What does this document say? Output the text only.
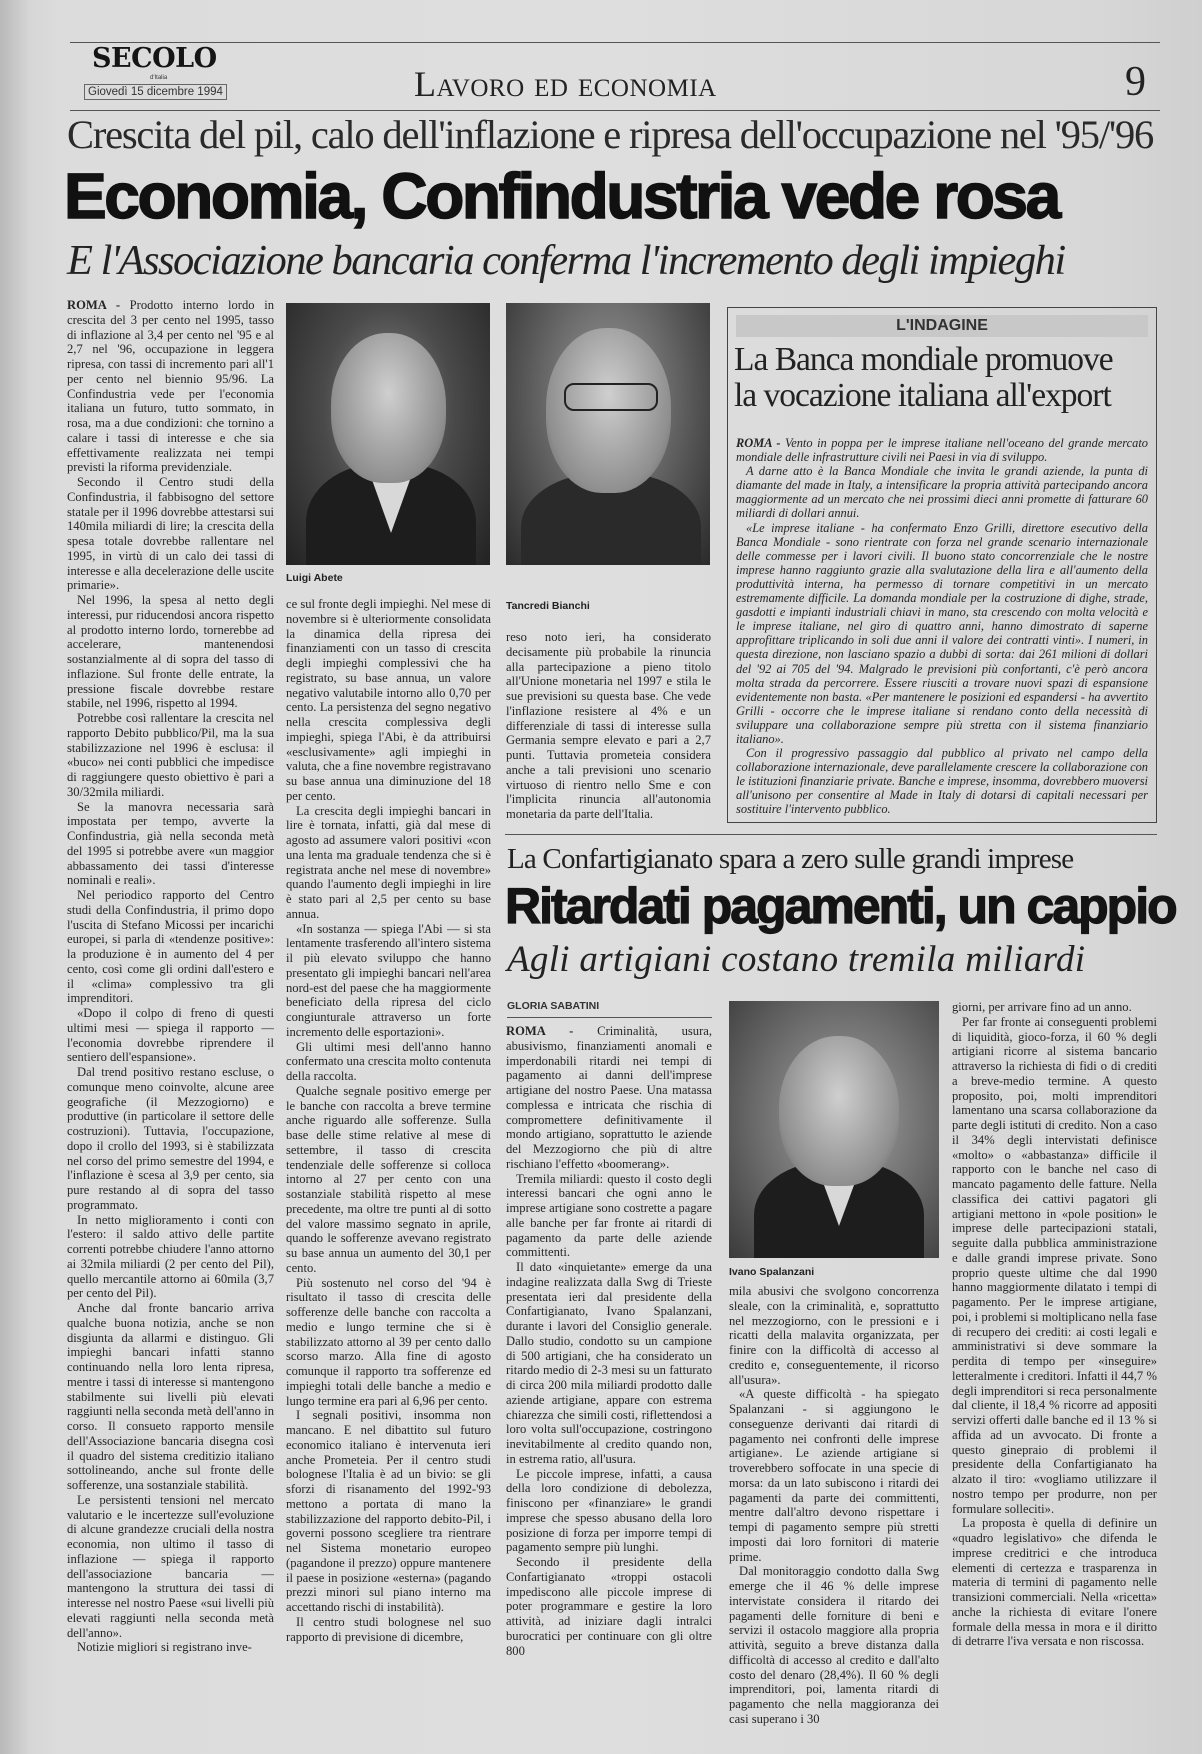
SECOLO
d'Italia
Giovedì 15 dicembre 1994	Lavoro ed economia	9
Crescita del pil, calo dell'inflazione e ripresa dell'occupazione nel '95/'96
Economia, Confindustria vede rosa
E l'Associazione bancaria conferma l'incremento degli impieghi

ROMA - Prodotto interno lordo in crescita del 3 per cento nel 1995, tasso di inflazione al 3,4 per cento nel '95 e al 2,7 nel '96, occupazione in leggera ripresa, con tassi di incremento pari all'1 per cento nel biennio 95/96. La Confindustria vede per l'economia italiana un futuro, tutto sommato, in rosa, ma a due condizioni: che tornino a calare i tassi di interesse e che sia effettivamente realizzata nei tempi previsti la riforma previdenziale.

Secondo il Centro studi della Confindustria, il fabbisogno del settore statale per il 1996 dovrebbe attestarsi sui 140mila miliardi di lire; la crescita della spesa totale dovrebbe rallentare nel 1995, in virtù di un calo dei tassi di interesse e alla decelerazione delle uscite primarie».

Nel 1996, la spesa al netto degli interessi, pur riducendosi ancora rispetto al prodotto interno lordo, tornerebbe ad accelerare, mantenendosi sostanzialmente al di sopra del tasso di inflazione. Sul fronte delle entrate, la pressione fiscale dovrebbe restare stabile, nel 1996, rispetto al 1994.

Potrebbe così rallentare la crescita nel rapporto Debito pubblico/Pil, ma la sua stabilizzazione nel 1996 è esclusa: il «buco» nei conti pubblici che impedisce di raggiungere questo obiettivo è pari a 30/32mila miliardi.

Se la manovra necessaria sarà impostata per tempo, avverte la Confindustria, già nella seconda metà del 1995 si potrebbe avere «un maggior abbassamento dei tassi d'interesse nominali e reali».

Nel periodico rapporto del Centro studi della Confindustria, il primo dopo l'uscita di Stefano Micossi per incarichi europei, si parla di «tendenze positive»: la produzione è in aumento del 4 per cento, così come gli ordini dall'estero e il «clima» complessivo tra gli imprenditori.

«Dopo il colpo di freno di questi ultimi mesi — spiega il rapporto — l'economia dovrebbe riprendere il sentiero dell'espansione».

Dal trend positivo restano escluse, o comunque meno coinvolte, alcune aree geografiche (il Mezzogiorno) e produttive (in particolare il settore delle costruzioni). Tuttavia, l'occupazione, dopo il crollo del 1993, si è stabilizzata nel corso del primo semestre del 1994, e l'inflazione è scesa al 3,9 per cento, sia pure restando al di sopra del tasso programmato.

In netto miglioramento i conti con l'estero: il saldo attivo delle partite correnti potrebbe chiudere l'anno attorno ai 32mila miliardi (2 per cento del Pil), quello mercantile attorno ai 60mila (3,7 per cento del Pil).

Anche dal fronte bancario arriva qualche buona notizia, anche se non disgiunta da allarmi e distinguo. Gli impieghi bancari infatti stanno continuando nella loro lenta ripresa, mentre i tassi di interesse si mantengono stabilmente sui livelli più elevati raggiunti nella seconda metà dell'anno in corso. Il consueto rapporto mensile dell'Associazione bancaria disegna così il quadro del sistema creditizio italiano sottolineando, anche sul fronte delle sofferenze, una sostanziale stabilità.

Le persistenti tensioni nel mercato valutario e le incertezze sull'evoluzione di alcune grandezze cruciali della nostra economia, non ultimo il tasso di inflazione — spiega il rapporto dell'associazione bancaria — mantengono la struttura dei tassi di interesse nel nostro Paese «sui livelli più elevati raggiunti nella seconda metà dell'anno».

Notizie migliori si registrano inve-

Luigi Abete
Tancredi Bianchi

ce sul fronte degli impieghi. Nel mese di novembre si è ulteriormente consolidata la dinamica della ripresa dei finanziamenti con un tasso di crescita degli impieghi complessivi che ha registrato, su base annua, un valore negativo valutabile intorno allo 0,70 per cento. La persistenza del segno negativo nella crescita complessiva degli impieghi, spiega l'Abi, è da attribuirsi «esclusivamente» agli impieghi in valuta, che a fine novembre registravano su base annua una diminuzione del 18 per cento.

La crescita degli impieghi bancari in lire è tornata, infatti, già dal mese di agosto ad assumere valori positivi «con una lenta ma graduale tendenza che si è registrata anche nel mese di novembre» quando l'aumento degli impieghi in lire è stato pari al 2,5 per cento su base annua.

«In sostanza — spiega l'Abi — si sta lentamente trasferendo all'intero sistema il più elevato sviluppo che hanno presentato gli impieghi bancari nell'area nord-est del paese che ha maggiormente beneficiato della ripresa del ciclo congiunturale attraverso un forte incremento delle esportazioni».

Gli ultimi mesi dell'anno hanno confermato una crescita molto contenuta della raccolta.

Qualche segnale positivo emerge per le banche con raccolta a breve termine anche riguardo alle sofferenze. Sulla base delle stime relative al mese di settembre, il tasso di crescita tendenziale delle sofferenze si colloca intorno al 27 per cento con una sostanziale stabilità rispetto al mese precedente, ma oltre tre punti al di sotto del valore massimo segnato in aprile, quando le sofferenze avevano registrato su base annua un aumento del 30,1 per cento.

Più sostenuto nel corso del '94 è risultato il tasso di crescita delle sofferenze delle banche con raccolta a medio e lungo termine che si è stabilizzato attorno al 39 per cento dallo scorso marzo. Alla fine di agosto comunque il rapporto tra sofferenze ed impieghi totali delle banche a medio e lungo termine era pari al 6,96 per cento.

I segnali positivi, insomma non mancano. E nel dibattito sul futuro economico italiano è intervenuta ieri anche Prometeia. Per il centro studi bolognese l'Italia è ad un bivio: se gli sforzi di risanamento del 1992-'93 mettono a portata di mano la stabilizzazione del rapporto debito-Pil, i governi possono scegliere tra rientrare nel Sistema monetario europeo (pagandone il prezzo) oppure mantenere il paese in posizione «esterna» (pagando prezzi minori sul piano interno ma accettando rischi di instabilità).

Il centro studi bolognese nel suo rapporto di previsione di dicembre,

reso noto ieri, ha considerato decisamente più probabile la rinuncia alla partecipazione a pieno titolo all'Unione monetaria nel 1997 e stila le sue previsioni su questa base. Che vede l'inflazione resistere al 4% e un differenziale di tassi di interesse sulla Germania sempre elevato e pari a 2,7 punti. Tuttavia prometeia considera anche a tali previsioni uno scenario virtuoso di rientro nello Sme e con l'implicita rinuncia all'autonomia monetaria da parte dell'Italia.

L'INDAGINE
La Banca mondiale promuove
la vocazione italiana all'export

ROMA - Vento in poppa per le imprese italiane nell'oceano del grande mercato mondiale delle infrastrutture civili nei Paesi in via di sviluppo.

A darne atto è la Banca Mondiale che invita le grandi aziende, la punta di diamante del made in Italy, a intensificare la propria attività partecipando ancora maggiormente ad un mercato che nei prossimi dieci anni promette di fatturare 60 miliardi di dollari annui.

«Le imprese italiane - ha confermato Enzo Grilli, direttore esecutivo della Banca Mondiale - sono rientrate con forza nel grande scenario internazionale delle commesse per i lavori civili. Il buono stato concorrenziale che le nostre imprese hanno raggiunto grazie alla svalutazione della lira e all'aumento della produttività interna, ha permesso di tornare competitivi in un mercato estremamente difficile. La domanda mondiale per la costruzione di dighe, strade, gasdotti e impianti industriali chiavi in mano, sta crescendo con molta velocità e le imprese italiane, nel giro di quattro anni, hanno dimostrato di saperne approfittare triplicando in soli due anni il valore dei contratti vinti». I numeri, in questa direzione, non lasciano spazio a dubbi di sorta: dai 261 milioni di dollari del '92 ai 705 del '94. Malgrado le previsioni più confortanti, c'è però ancora molta strada da percorrere. Essere riusciti a trovare nuovi spazi di espansione evidentemente non basta. «Per mantenere le posizioni ed espandersi - ha avvertito Grilli - occorre che le imprese italiane si rendano conto della necessità di sviluppare una collaborazione sempre più stretta con il sistema finanziario italiano».

Con il progressivo passaggio dal pubblico al privato nel campo della collaborazione internazionale, deve parallelamente crescere la collaborazione con le istituzioni finanziarie private. Banche e imprese, insomma, dovrebbero muoversi all'unisono per consentire al Made in Italy di dotarsi di capitali necessari per sostituire l'intervento pubblico.

La Confartigianato spara a zero sulle grandi imprese
Ritardati pagamenti, un cappio
Agli artigiani costano tremila miliardi
GLORIA SABATINI

ROMA - Criminalità, usura, abusivismo, finanziamenti anomali e imperdonabili ritardi nei tempi di pagamento ai danni dell'imprese artigiane del nostro Paese. Una matassa complessa e intricata che rischia di compromettere definitivamente il mondo artigiano, soprattutto le aziende del Mezzogiorno che più di altre rischiano l'effetto «boomerang».

Tremila miliardi: questo il costo degli interessi bancari che ogni anno le imprese artigiane sono costrette a pagare alle banche per far fronte ai ritardi di pagamento da parte delle aziende committenti.

Il dato «inquietante» emerge da una indagine realizzata dalla Swg di Trieste presentata ieri dal presidente della Confartigianato, Ivano Spalanzani, durante i lavori del Consiglio generale. Dallo studio, condotto su un campione di 500 artigiani, che ha considerato un ritardo medio di 2-3 mesi su un fatturato di circa 200 mila miliardi prodotto dalle aziende artigiane, appare con estrema chiarezza che simili costi, riflettendosi a loro volta sull'occupazione, costringono inevitabilmente al credito quando non, in estrema ratio, all'usura.

Le piccole imprese, infatti, a causa della loro condizione di debolezza, finiscono per «finanziare» le grandi imprese che spesso abusano della loro posizione di forza per imporre tempi di pagamento sempre più lunghi.

Secondo il presidente della Confartigianato «troppi ostacoli impediscono alle piccole imprese di poter programmare e gestire la loro attività, ad iniziare dagli intralci burocratici per continuare con gli oltre 800

Ivano Spalanzani

mila abusivi che svolgono concorrenza sleale, con la criminalità, e, soprattutto nel mezzogiorno, con le pressioni e i ricatti della malavita organizzata, per finire con la difficoltà di accesso al credito e, conseguentemente, il ricorso all'usura».

«A queste difficoltà - ha spiegato Spalanzani - si aggiungono le conseguenze derivanti dai ritardi di pagamento nei confronti delle imprese artigiane». Le aziende artigiane si troverebbero soffocate in una specie di morsa: da un lato subiscono i ritardi dei pagamenti da parte dei committenti, mentre dall'altro devono rispettare i tempi di pagamento sempre più stretti imposti dai loro fornitori di materie prime.

Dal monitoraggio condotto dalla Swg emerge che il 46 % delle imprese intervistate considera il ritardo dei pagamenti delle forniture di beni e servizi il ostacolo maggiore alla propria attività, seguito a breve distanza dalla difficoltà di accesso al credito e dall'alto costo del denaro (28,4%). Il 60 % degli imprenditori, poi, lamenta ritardi di pagamento che nella maggioranza dei casi superano i 30

giorni, per arrivare fino ad un anno.

Per far fronte ai conseguenti problemi di liquidità, gioco-forza, il 60 % degli artigiani ricorre al sistema bancario attraverso la richiesta di fidi o di crediti a breve-medio termine. A questo proposito, poi, molti imprenditori lamentano una scarsa collaborazione da parte degli istituti di credito. Non a caso il 34% degli intervistati definisce «molto» o «abbastanza» difficile il rapporto con le banche nel caso di mancato pagamento delle fatture. Nella classifica dei cattivi pagatori gli artigiani mettono in «pole position» le imprese delle partecipazioni statali, seguite dalla pubblica amministrazione e dalle grandi imprese private. Sono proprio queste ultime che dal 1990 hanno maggiormente dilatato i tempi di pagamento. Per le imprese artigiane, poi, i problemi si moltiplicano nella fase di recupero dei crediti: ai costi legali e amministrativi si deve sommare la perdita di tempo per «inseguire» letteralmente i creditori. Infatti il 44,7 % degli imprenditori si reca personalmente dal cliente, il 18,4 % ricorre ad appositi servizi offerti dalle banche ed il 13 % si affida ad un avvocato. Di fronte a questo ginepraio di problemi il presidente della Confartigianato ha alzato il tiro: «vogliamo utilizzare il nostro tempo per produrre, non per formulare solleciti».

La proposta è quella di definire un «quadro legislativo» che difenda le imprese creditrici e che introduca elementi di certezza e trasparenza in materia di termini di pagamento nelle transizioni commerciali. Nella «ricetta» anche la richiesta di evitare l'onere formale della messa in mora e il diritto di detrarre l'iva versata e non riscossa.
